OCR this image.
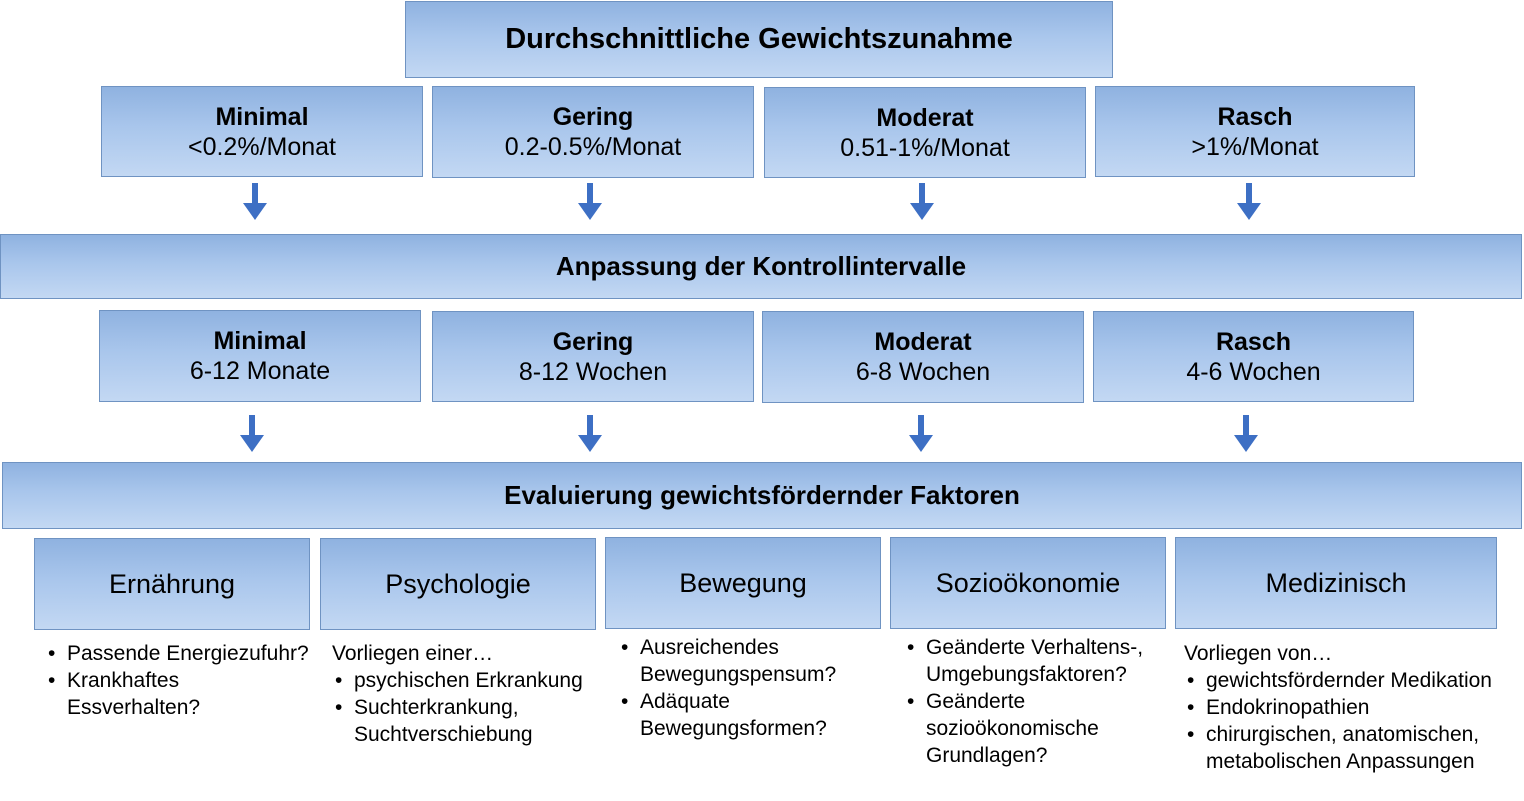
Durchschnittliche Gewichtszunahme
Minimal
<0.2%/Monat
Gering
0.2-0.5%/Monat
Moderat
0.51-1%/Monat
Rasch
>1%/Monat
Anpassung der Kontrollintervalle
Minimal
6-12 Monate
Gering
8-12 Wochen
Moderat
6-8 Wochen
Rasch
4-6 Wochen
Evaluierung gewichtsfördernder Faktoren
Ernährung	Psychologie	Bewegung	Sozioökonomie	Medizinisch
• Passende Energiezufuhr?
• Krankhaftes Essverhalten?
Vorliegen einer…
• psychischen Erkrankung
• Suchterkrankung, Suchtverschiebung
• Ausreichendes Bewegungspensum?
• Adäquate Bewegungsformen?
• Geänderte Verhaltens-, Umgebungsfaktoren?
• Geänderte sozioökonomische Grundlagen?
Vorliegen von…
• gewichtsfördernder Medikation
• Endokrinopathien
• chirurgischen, anatomischen, metabolischen Anpassungen
